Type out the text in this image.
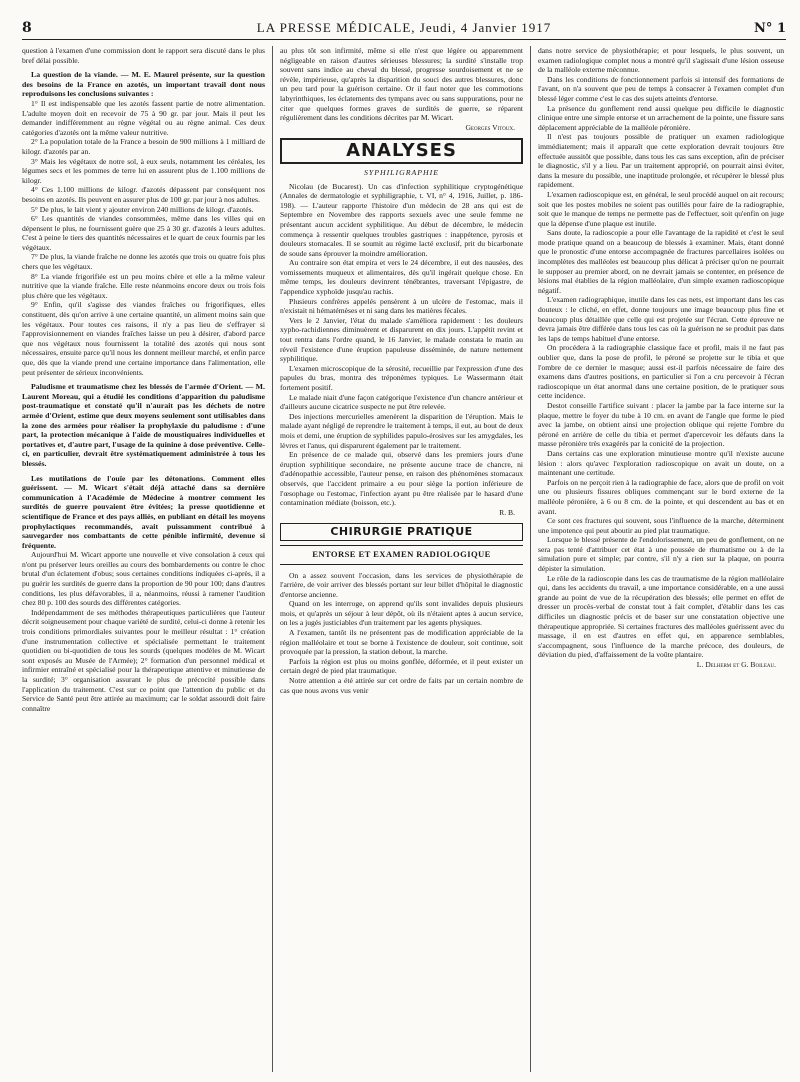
8	LA PRESSE MÉDICALE, Jeudi, 4 Janvier 1917	N° 1

question à l'examen d'une commission dont le rapport sera discuté dans le plus bref délai possible.

La question de la viande. — M. E. Maurel présente, sur la question des besoins de la France en azotés, un important travail dont nous reproduisons les conclusions suivantes :

1° Il est indispensable que les azotés fassent partie de notre alimentation. L'adulte moyen doit en recevoir de 75 à 90 gr. par jour. Mais il peut les demander indifféremment au règne végétal ou au règne animal. Ces deux catégories d'azotés ont la même valeur nutritive.

2° La population totale de la France a besoin de 900 millions à 1 milliard de kilogr. d'azotés par an.

3° Mais les végétaux de notre sol, à eux seuls, notamment les céréales, les légumes secs et les pommes de terre lui en assurent plus de 1.100 millions de kilogr.

4° Ces 1.100 millions de kilogr. d'azotés dépassent par conséquent nos besoins en azotés. Ils peuvent en assurer plus de 100 gr. par jour à nos adultes.

5° De plus, le lait vient y ajouter environ 240 millions de kilogr. d'azotés.

6° Les quantités de viandes consommées, même dans les villes qui en dépensent le plus, ne fournissent guère que 25 à 30 gr. d'azotés à leurs adultes. C'est à peine le tiers des quantités nécessaires et le quart de ceux fournis par les végétaux.

7° De plus, la viande fraîche ne donne les azotés que trois ou quatre fois plus chers que les végétaux.

8° La viande frigorifiée est un peu moins chère et elle a la même valeur nutritive que la viande fraîche. Elle reste néanmoins encore deux ou trois fois plus chère que les végétaux.

9° Enfin, qu'il s'agisse des viandes fraîches ou frigorifiques, elles constituent, dès qu'on arrive à une certaine quantité, un aliment moins sain que les végétaux. Pour toutes ces raisons, il n'y a pas lieu de s'effrayer si l'approvisionnement en viandes fraîches laisse un peu à désirer, d'abord parce que nos végétaux nous fournissent la totalité des azotés qui nous sont nécessaires, ensuite parce qu'il nous les donnent meilleur marché, et enfin parce que, dès que la viande prend une certaine importance dans l'alimentation, elle peut présenter de sérieux inconvénients.

Paludisme et traumatisme chez les blessés de l'armée d'Orient. — M. Laurent Moreau, qui a étudié les conditions d'apparition du paludisme post-traumatique et constaté qu'il n'aurait pas les déchets de notre armée d'Orient, estime que deux moyens seulement sont utilisables dans la zone des armées pour réaliser la prophylaxie du paludisme : d'une part, la protection mécanique à l'aide de moustiquaires individuelles et portatives et, d'autre part, l'usage de la quinine à dose préventive. Celle-ci, en particulier, devrait être systématiquement administrée à tous les blessés.
Les mutilations de l'ouïe par les détonations. Comment elles guérissent. — M. Wicart s'était déjà attaché dans sa dernière communication à l'Académie de Médecine à montrer comment les surdités de guerre pouvaient être évitées; la presse quotidienne et scientifique de France et des pays alliés, en publiant en détail les moyens prophylactiques recommandés, avait puissamment contribué à sauvegarder nos combattants de cette pénible infirmité, devenue si fréquente.

Aujourd'hui M. Wicart apporte une nouvelle et vive consolation à ceux qui n'ont pu préserver leurs oreilles au cours des bombardements ou contre le choc brutal d'un éclatement d'obus; sous certaines conditions indiquées ci-après, il a pu guérir les surdités de guerre dans la proportion de 90 pour 100; dans d'autres conditions, les plus défavorables, il a, néanmoins, réussi à ramener l'audition chez 80 p. 100 des sourds des différentes catégories.

Indépendamment de ses méthodes thérapeutiques particulières que l'auteur décrit soigneusement pour chaque variété de surdité, celui-ci donne à retenir les trois conditions primordiales suivantes pour le meilleur résultat : 1° création d'une instrumentation collective et spécialisée permettant le traitement quotidien ou bi-quotidien de tous les sourds (quelques modèles de M. Wicart sont exposés au Musée de l'Armée); 2° formation d'un personnel médical et infirmier entraîné et spécialisé pour la thérapeutique attentive et minutieuse de la surdité; 3° organisation assurant le plus de précocité possible dans l'application du traitement. C'est sur ce point que l'attention du public et du Service de Santé peut être attirée au maximum; car le soldat assourdi doit faire connaître

au plus tôt son infirmité, même si elle n'est que légère ou apparemment négligeable en raison d'autres sérieuses blessures; la surdité s'installe trop souvent sans indice au cheval du blessé, progresse sourdoisement et ne se révèle, impérieuse, qu'après la disparition du souci des autres blessures, donc un peu tard pour la guérison certaine. Or il faut noter que les commotions labyrinthiques, les éclatements des tympans avec ou sans suppurations, pour ne citer que quelques formes graves de surdités de guerre, se réparent régulièrement dans les conditions décrites par M. Wicart.

Georges Vitoux.

ANALYSES
SYPHILIGRAPHIE

Nicolau (de Bucarest). Un cas d'infection syphilitique cryptogénétique (Annales de dermatologie et syphiligraphie, t. VI, n° 4, 1916, Juillet, p. 186-198). — L'auteur rapporte l'histoire d'un médecin de 28 ans qui est de Septembre en Novembre des rapports sexuels avec une seule femme ne présentant aucun accident syphilitique. Au début de décembre, le médecin commença à ressentir quelques troubles gastriques : inappétence, pyrosis et douleurs stomacales. Il se soumit au régime lacté exclusif, prit du bicarbonate de soude sans éprouver la moindre amélioration.

Au contraire son état empira et vers le 24 décembre, il eut des nausées, des vomissements muqueux et alimentaires, dès qu'il ingérait quelque chose. En même temps, les douleurs devinrent ténébrantes, traversant l'épigastre, de l'appendice xyphoïde jusqu'au rachis.

Plusieurs confrères appelés pensèrent à un ulcère de l'estomac, mais il n'existait ni hématémèses et ni sang dans les matières fécales.

Vers le 2 Janvier, l'état du malade s'améliora rapidement : les douleurs xypho-rachidiennes diminuèrent et disparurent en dix jours. L'appétit revint et tout rentra dans l'ordre quand, le 16 Janvier, le malade constata le matin au réveil l'existence d'une éruption papuleuse disséminée, de nature nettement syphilitique.

L'examen microscopique de la sérosité, recueillie par l'expression d'une des papules du bras, montra des tréponèmes typiques. Le Wassermann était fortement positif.

Le malade niait d'une façon catégorique l'existence d'un chancre antérieur et d'ailleurs aucune cicatrice suspecte ne put être relevée.

Des injections mercurielles amenèrent la disparition de l'éruption. Mais le malade ayant négligé de reprendre le traitement à temps, il eut, au bout de deux mois et demi, une éruption de syphilides papulo-érosives sur les amygdales, les lèvres et l'anus, qui disparurent également par le traitement.

En présence de ce malade qui, observé dans les premiers jours d'une éruption syphilitique secondaire, ne présente aucune trace de chancre, ni d'adénopathie accessible, l'auteur pense, en raison des phénomènes stomacaux observés, que l'accident primaire a eu pour siège la portion inférieure de l'œsophage ou l'estomac, l'infection ayant pu être réalisée par le hasard d'une contamination médiate (boisson, etc.).

R. B.

CHIRURGIE PRATIQUE
ENTORSE ET EXAMEN RADIOLOGIQUE

On a assez souvent l'occasion, dans les services de physiothérapie de l'arrière, de voir arriver des blessés portant sur leur billet d'hôpital le diagnostic d'entorse ancienne.

Quand on les interroge, on apprend qu'ils sont invalides depuis plusieurs mois, et qu'après un séjour à leur dépôt, où ils n'étaient aptes à aucun service, on les a jugés justiciables d'un traitement par les agents physiques.

A l'examen, tantôt ils ne présentent pas de modification appréciable de la région malléolaire et tout se borne à l'existence de douleur, soit continue, soit provoquée par la pression, la station debout, la marche.

Parfois la région est plus ou moins gonflée, déformée, et il peut exister un certain degré de pied plat traumatique.

Notre attention a été attirée sur cet ordre de faits par un certain nombre de cas que nous avons vus venir

dans notre service de physiothérapie; et pour lesquels, le plus souvent, un examen radiologique complet nous a montré qu'il s'agissait d'une lésion osseuse de la malléole externe méconnue.

Dans les conditions de fonctionnement parfois si intensif des formations de l'avant, on n'a souvent que peu de temps à consacrer à l'examen complet d'un blessé léger comme c'est le cas des sujets atteints d'entorse.

La présence du gonflement rend aussi quelque peu difficile le diagnostic clinique entre une simple entorse et un arrachement de la pointe, une fissure sans déplacement appréciable de la malléole péronière.

Il n'est pas toujours possible de pratiquer un examen radiologique immédiatement; mais il apparaît que cette exploration devrait toujours être effectuée aussitôt que possible, dans tous les cas sans exception, afin de préciser le diagnostic, s'il y a lieu. Par un traitement approprié, on pourrait ainsi éviter, dans la mesure du possible, une inaptitude prolongée, et récupérer le blessé plus rapidement.

L'examen radioscopique est, en général, le seul procédé auquel on ait recours; soit que les postes mobiles ne soient pas outillés pour faire de la radiographie, soit que le manque de temps ne permette pas de l'effectuer, soit qu'enfin on juge que la dépense d'une plaque est inutile.

Sans doute, la radioscopie a pour elle l'avantage de la rapidité et c'est le seul mode pratique quand on a beaucoup de blessés à examiner. Mais, étant donné que le pronostic d'une entorse accompagnée de fractures parcellaires isolées ou incomplètes des malléoles est beaucoup plus délicat à préciser qu'on ne pourrait le supposer au premier abord, on ne devrait jamais se contenter, en présence de lésions mal établies de la région malléolaire, d'un simple examen radioscopique négatif.

L'examen radiographique, inutile dans les cas nets, est important dans les cas douteux : le cliché, en effet, donne toujours une image beaucoup plus fine et beaucoup plus détaillée que celle qui est projetée sur l'écran. Cette épreuve ne devra jamais être différée dans tous les cas où la guérison ne se produit pas dans les laps de temps habituel d'une entorse.

On procédera à la radiographie classique face et profil, mais il ne faut pas oublier que, dans la pose de profil, le péroné se projette sur le tibia et que l'ombre de ce dernier le masque; aussi est-il parfois nécessaire de faire des examens dans d'autres positions, en particulier si l'on a cru percevoir à l'écran radioscopique un état anormal dans une certaine position, de le pratiquer sous cette incidence.

Destot conseille l'artifice suivant : placer la jambe par la face interne sur la plaque, mettre le foyer du tube à 10 cm. en avant de l'angle que forme le pied avec la jambe, on obtient ainsi une projection oblique qui rejette l'ombre du péroné en arrière de celle du tibia et permet d'apercevoir les défauts dans la masse péronière très exagérés par la conicité de la projection.

Dans certains cas une exploration minutieuse montre qu'il n'existe aucune lésion : alors qu'avec l'exploration radioscopique on avait un doute, on a maintenant une certitude.

Parfois on ne perçoit rien à la radiographie de face, alors que de profil on voit une ou plusieurs fissures obliques commençant sur le bord externe de la malléole péronière, à 6 ou 8 cm. de la pointe, et qui descendent au bas et en avant.

Ce sont ces fractures qui souvent, sous l'influence de la marche, déterminent une impotence qui peut aboutir au pied plat traumatique.

Lorsque le blessé présente de l'endolorissement, un peu de gonflement, on ne sera pas tenté d'attribuer cet état à une poussée de rhumatisme ou à de la simulation pure et simple; par contre, s'il n'y a rien sur la plaque, on pourra dépister la simulation.

Le rôle de la radioscopie dans les cas de traumatisme de la région malléolaire qui, dans les accidents du travail, a une importance considérable, en a une aussi grande au point de vue de la récupération des blessés; elle permet en effet de dresser un procès-verbal de constat tout à fait complet, d'établir dans les cas difficiles un diagnostic précis et de baser sur une constatation objective une thérapeutique appropriée. Si certaines fractures des malléoles guérissent avec du massage, il en est d'autres en effet qui, en apparence semblables, s'accompagnent, sous l'influence de la marche précoce, des douleurs, de déviation du pied, d'affaissement de la voûte plantaire.

L. Delherm et G. Boileau.
